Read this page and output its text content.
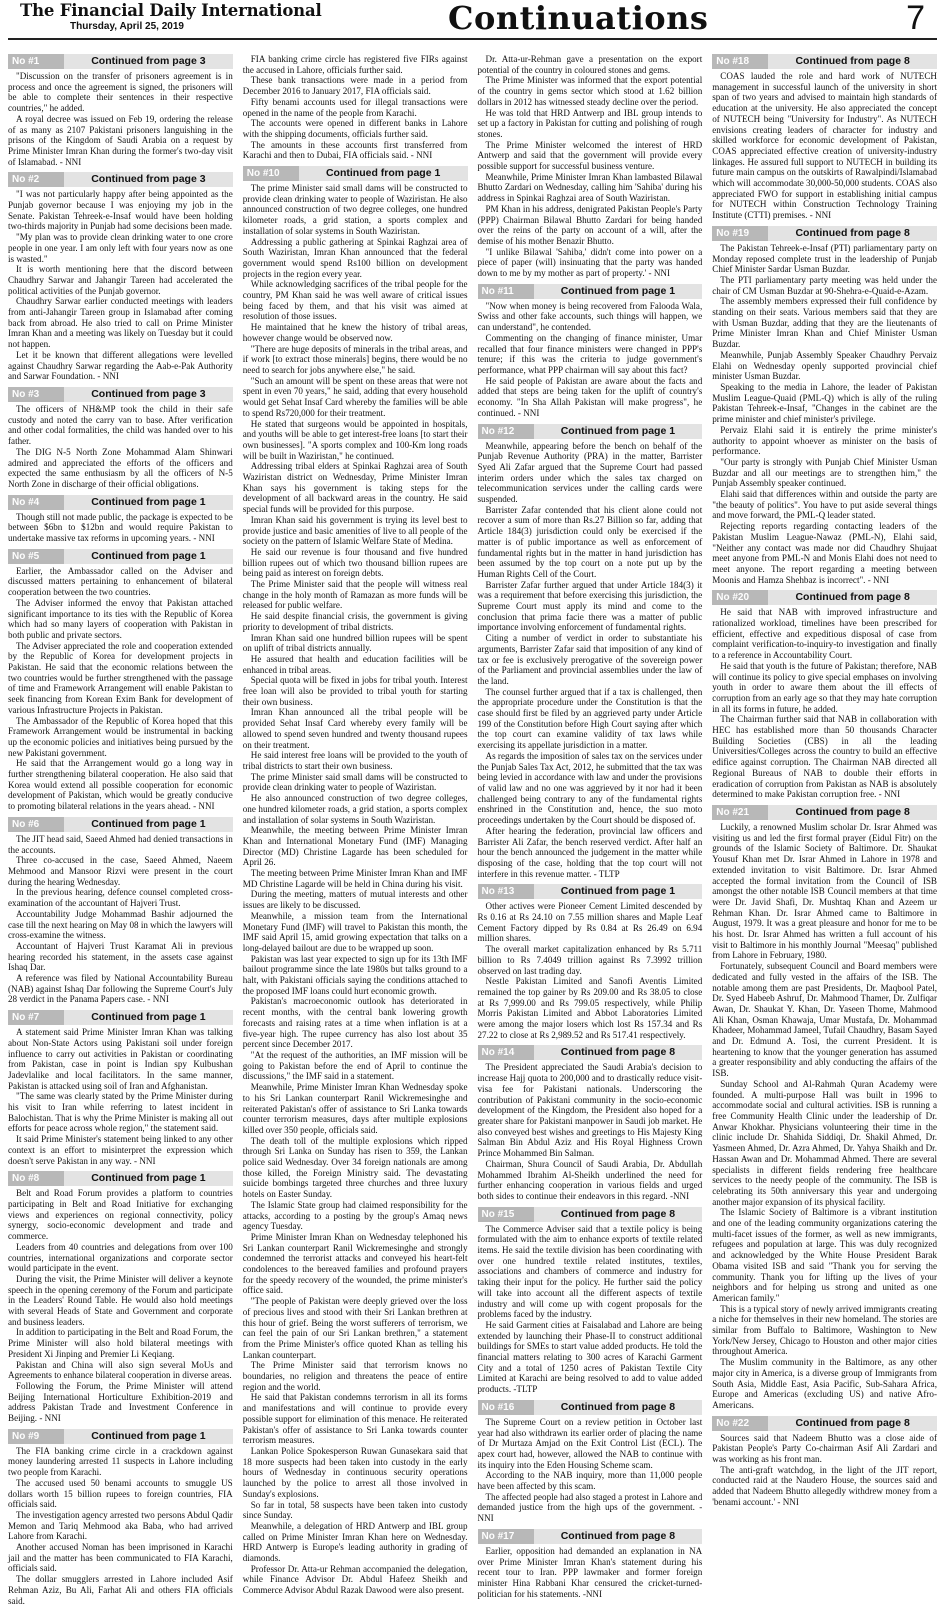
The Financial Daily International
Thursday, April 25, 2019	Continuations	7
No #1	Continued from page 3

"Discussion on the transfer of prisoners agreement is in process and once the agreement is signed, the prisoners will be able to complete their sentences in their respective countries," he added.

A royal decree was issued on Feb 19, ordering the release of as many as 2107 Pakistani prisoners languishing in the prisons of the Kingdom of Saudi Arabia on a request by Prime Minister Imran Khan during the former's two-day visit of Islamabad. - NNI

No #2	Continued from page 3

"I was not particularly happy after being appointed as the Punjab governor because I was enjoying my job in the Senate. Pakistan Tehreek-e-Insaf would have been holding two-thirds majority in Punjab had some decisions been made.

"My plan was to provide clean drinking water to one crore people in one year. I am only left with four years now as one is wasted."

It is worth mentioning here that the discord between Chaudhry Sarwar and Jahangir Tareen had accelerated the political activities of the Punjab governor.

Chaudhry Sarwar earlier conducted meetings with leaders from anti-Jahangir Tareen group in Islamabad after coming back from abroad. He also tried to call on Prime Minister Imran Khan and a meeting was likely on Tuesday but it could not happen.

Let it be known that different allegations were levelled against Chaudhry Sarwar regarding the Aab-e-Pak Authority and Sarwar Foundation. - NNI

No #3	Continued from page 3

The officers of NH&MP took the child in their safe custody and noted the carry van to base. After verification and other codal formalities, the child was handed over to his father.

The DIG N-5 North Zone Mohammad Alam Shinwari admired and appreciated the efforts of the officers and expected the same enthusiasm by all the officers of N-5 North Zone in discharge of their official obligations.

No #4	Continued from page 1

Though still not made public, the package is expected to be between $6bn to $12bn and would require Pakistan to undertake massive tax reforms in upcoming years. - NNI

No #5	Continued from page 1

Earlier, the Ambassador called on the Adviser and discussed matters pertaining to enhancement of bilateral cooperation between the two countries.

The Adviser informed the envoy that Pakistan attached significant importance to its ties with the Republic of Korea which had so many layers of cooperation with Pakistan in both public and private sectors.

The Adviser appreciated the role and cooperation extended by the Republic of Korea for development projects in Pakistan. He said that the economic relations between the two countries would be further strengthened with the passage of time and Framework Arrangement will enable Pakistan to seek financing from Korean Exim Bank for development of various Infrastructure Projects in Pakistan.

The Ambassador of the Republic of Korea hoped that this Framework Arrangement would be instrumental in backing up the economic policies and initiatives being pursued by the new Pakistani government.

He said that the Arrangement would go a long way in further strengthening bilateral cooperation. He also said that Korea would extend all possible cooperation for economic development of Pakistan, which would be greatly conducive to promoting bilateral relations in the years ahead. - NNI

No #6	Continued from page 1

The JIT head said, Saeed Ahmed had denied transactions in the accounts.

Three co-accused in the case, Saeed Ahmed, Naeem Mehmood and Mansoor Rizvi were present in the court during the hearing Wednesday.

In the previous hearing, defence counsel completed cross-examination of the accountant of Hajveri Trust.

Accountability Judge Mohammad Bashir adjourned the case till the next hearing on May 08 in which the lawyers will cross-examine the witness.

Accountant of Hajveri Trust Karamat Ali in previous hearing recorded his statement, in the assets case against Ishaq Dar.

A reference was filed by National Accountability Bureau (NAB) against Ishaq Dar following the Supreme Court's July 28 verdict in the Panama Papers case. - NNI

No #7	Continued from page 1

A statement said Prime Minister Imran Khan was talking about Non-State Actors using Pakistani soil under foreign influence to carry out activities in Pakistan or coordinating from Pakistan, case in point is Indian spy Kulbushan Jadevlalike and local facilitators. In the same manner, Pakistan is attacked using soil of Iran and Afghanistan.

"The same was clearly stated by the Prime Minister during his visit to Iran while referring to latest incident in Balochistan. That is why the Prime Minister is making all out efforts for peace across whole region," the statement said.

It said Prime Minister's statement being linked to any other context is an effort to misinterpret the expression which doesn't serve Pakistan in any way. - NNI

No #8	Continued from page 1

Belt and Road Forum provides a platform to countries participating in Belt and Road Initiative for exchanging views and experiences on regional connectivity, policy synergy, socio-economic development and trade and commerce.

Leaders from 40 countries and delegations from over 100 countries, international organizations and corporate sector would participate in the event.

During the visit, the Prime Minister will deliver a keynote speech in the opening ceremony of the Forum and participate in the Leaders' Round Table. He would also hold meetings with several Heads of State and Government and corporate and business leaders.

In addition to participating in the Belt and Road Forum, the Prime Minister will also hold bilateral meetings with President Xi Jinping and Premier Li Keqiang.

Pakistan and China will also sign several MoUs and Agreements to enhance bilateral cooperation in diverse areas.

Following the Forum, the Prime Minister will attend Beijing International Horticulture Exhibition-2019 and address Pakistan Trade and Investment Conference in Beijing. - NNI

No #9	Continued from page 1

The FIA banking crime circle in a crackdown against money laundering arrested 11 suspects in Lahore including two people from Karachi.

The accused used 50 benami accounts to smuggle US dollars worth 15 billion rupees to foreign countries, FIA officials said.

The investigation agency arrested two persons Abdul Qadir Memon and Tariq Mehmood aka Baba, who had arrived Lahore from Karachi.

Another accused Noman has been imprisoned in Karachi jail and the matter has been communicated to FIA Karachi, officials said.

The dollar smugglers arrested in Lahore included Asif Rehman Aziz, Bu Ali, Farhat Ali and others FIA officials said.

FIA banking crime circle has registered five FIRs against the accused in Lahore, officials further said.

These bank transactions were made in a period from December 2016 to January 2017, FIA officials said.

Fifty benami accounts used for illegal transactions were opened in the name of the people from Karachi.

The accounts were opened in different banks in Lahore with the shipping documents, officials further said.

The amounts in these accounts first transferred from Karachi and then to Dubai, FIA officials said. - NNI

No #10	Continued from page 1

The prime Minister said small dams will be constructed to provide clean drinking water to people of Waziristan. He also announced construction of two degree colleges, one hundred kilometer roads, a grid station, a sports complex and installation of solar systems in South Waziristan.

Addressing a public gathering at Spinkai Raghzai area of South Waziristan, Imran Khan announced that the federal government would spend Rs100 billion on development projects in the region every year.

While acknowledging sacrifices of the tribal people for the country, PM Khan said he was well aware of critical issues being faced by them, and that his visit was aimed at resolution of those issues.

He maintained that he knew the history of tribal areas, however change would be observed now.

"There are huge deposits of minerals in the tribal areas, and if work [to extract those minerals] begins, there would be no need to search for jobs anywhere else," he said.

"Such an amount will be spent on these areas that were not spent in even 70 years," he said, adding that every household would get Sehat Insaf Card whereby the families will be able to spend Rs720,000 for their treatment.

He stated that surgeons would be appointed in hospitals, and youths will be able to get interest-free loans [to start their own businesses]. "A sports complex and 100-Km long roads will be built in Waziristan," he continued.

Addressing tribal elders at Spinkai Raghzai area of South Waziristan district on Wednesday, Prime Minister Imran Khan says his government is taking steps for the development of all backward areas in the country. He said special funds will be provided for this purpose.

Imran Khan said his government is trying its level best to provide justice and basic amenities of live to all people of the society on the pattern of Islamic Welfare State of Medina.

He said our revenue is four thousand and five hundred billion rupees out of which two thousand billion rupees are being paid as interest on foreign debts.

The Prime Minister said that the people will witness real change in the holy month of Ramazan as more funds will be released for public welfare.

He said despite financial crisis, the government is giving priority to development of tribal districts.

Imran Khan said one hundred billion rupees will be spent on uplift of tribal districts annually.

He assured that health and education facilities will be enhanced in tribal areas.

Special quota will be fixed in jobs for tribal youth. Interest free loan will also be provided to tribal youth for starting their own business.

Imran Khan announced all the tribal people will be provided Sehat Insaf Card whereby every family will be allowed to spend seven hundred and twenty thousand rupees on their treatment.

He said interest free loans will be provided to the youth of tribal districts to start their own business.

The prime Minister said small dams will be constructed to provide clean drinking water to people of Waziristan.

He also announced construction of two degree colleges, one hundred kilometer roads, a grid station, a sports complex and installation of solar systems in South Waziristan.

Meanwhile, the meeting between Prime Minister Imran Khan and International Monetary Fund (IMF) Managing Director (MD) Christine Lagarde has been scheduled for April 26.

The meeting between Prime Minister Imran Khan and IMF MD Christine Lagarde will be held in China during his visit.

During the meeting, matters of mutual interests and other issues are likely to be discussed.

Meanwhile, a mission team from the International Monetary Fund (IMF) will travel to Pakistan this month, the IMF said April 15, amid growing expectation that talks on a long-delayed bailout are due to be wrapped up soon.

Pakistan was last year expected to sign up for its 13th IMF bailout programme since the late 1980s but talks ground to a halt, with Pakistani officials saying the conditions attached to the proposed IMF loans could hurt economic growth.

Pakistan's macroeconomic outlook has deteriorated in recent months, with the central bank lowering growth forecasts and raising rates at a time when inflation is at a five-year high. The rupee currency has also lost about 35 percent since December 2017.

"At the request of the authorities, an IMF mission will be going to Pakistan before the end of April to continue the discussions," the IMF said in a statement.

Meanwhile, Prime Minister Imran Khan Wednesday spoke to his Sri Lankan counterpart Ranil Wickremesinghe and reiterated Pakistan's offer of assistance to Sri Lanka towards counter terrorism measures, days after multiple explosions killed over 350 people, officials said.

The death toll of the multiple explosions which ripped through Sri Lanka on Sunday has risen to 359, the Lankan police said Wednesday. Over 34 foreign nationals are among those killed, the Foreign Ministry said. The devastating suicide bombings targeted three churches and three luxury hotels on Easter Sunday.

The Islamic State group had claimed responsibility for the attacks, according to a posting by the group's Amaq news agency Tuesday.

Prime Minister Imran Khan on Wednesday telephoned his Sri Lankan counterpart Ranil Wickremesinghe and strongly condemned the terrorist attacks and conveyed his heart-felt condolences to the bereaved families and profound prayers for the speedy recovery of the wounded, the prime minister's office said.

"The people of Pakistan were deeply grieved over the loss of precious lives and stood with their Sri Lankan brethren at this hour of grief. Being the worst sufferers of terrorism, we can feel the pain of our Sri Lankan brethren," a statement from the Prime Minister's office quoted Khan as telling his Lankan counterpart.

The Prime Minister said that terrorism knows no boundaries, no religion and threatens the peace of entire region and the world.

He said that Pakistan condemns terrorism in all its forms and manifestations and will continue to provide every possible support for elimination of this menace. He reiterated Pakistan's offer of assistance to Sri Lanka towards counter terrorism measures.

Lankan Police Spokesperson Ruwan Gunasekara said that 18 more suspects had been taken into custody in the early hours of Wednesday in continuous security operations launched by the police to arrest all those involved in Sunday's explosions.

So far in total, 58 suspects have been taken into custody since Sunday.

Meanwhile, a delegation of HRD Antwerp and IBL group called on Prime Minister Imran Khan here on Wednesday. HRD Antwerp is Europe's leading authority in grading of diamonds.

Professor Dr. Atta-ur Rehman accompanied the delegation, while Finance Advisor Dr. Abdul Hafeez Sheikh and Commerce Advisor Abdul Razak Dawood were also present.

Dr. Atta-ur-Rehman gave a presentation on the export potential of the country in coloured stones and gems.

The Prime Minister was informed that the export potential of the country in gems sector which stood at 1.62 billion dollars in 2012 has witnessed steady decline over the period.

He was told that HRD Antwerp and IBL group intends to set up a factory in Pakistan for cutting and polishing of rough stones.

The Prime Minister welcomed the interest of HRD Antwerp and said that the government will provide every possible support for successful business venture.

Meanwhile, Prime Minister Imran Khan lambasted Bilawal Bhutto Zardari on Wednesday, calling him 'Sahiba' during his address in Spinkai Raghzai area of South Waziristan.

PM Khan in his address, denigrated Pakistan People's Party (PPP) Chairman Bilawal Bhutto Zardari for being handed over the reins of the party on account of a will, after the demise of his mother Benazir Bhutto.

"I unlike Bilawal 'Sahiba,' didn't come into power on a piece of paper (will) insinuating that the party was handed down to me by my mother as part of property.' - NNI

No #11	Continued from page 1

"Now when money is being recovered from Falooda Wala, Swiss and other fake accounts, such things will happen, we can understand", he contended.

Commenting on the changing of finance minister, Umar recalled that four finance ministers were changed in PPP's tenure; if this was the criteria to judge government's performance, what PPP chairman will say about this fact?

He said people of Pakistan are aware about the facts and added that steps are being taken for the uplift of country's economy. "In Sha Allah Pakistan will make progress", he continued. - NNI

No #12	Continued from page 1

Meanwhile, appearing before the bench on behalf of the Punjab Revenue Authority (PRA) in the matter, Barrister Syed Ali Zafar argued that the Supreme Court had passed interim orders under which the sales tax charged on telecommunication services under the calling cards were suspended.

Barrister Zafar contended that his client alone could not recover a sum of more than Rs.27 Billion so far, adding that Article 184(3) jurisdiction could only be exercised if the matter is of public importance as well as enforcement of fundamental rights but in the matter in hand jurisdiction has been assumed by the top court on a note put up by the Human Rights Cell of the Court.

Barrister Zafar further argued that under Article 184(3) it was a requirement that before exercising this jurisdiction, the Supreme Court must apply its mind and come to the conclusion that prima facie there was a matter of public importance involving enforcement of fundamental rights.

Citing a number of verdict in order to substantiate his arguments, Barrister Zafar said that imposition of any kind of tax or fee is exclusively prerogative of the sovereign power of the Parliament and provincial assemblies under the law of the land.

The counsel further argued that if a tax is challenged, then the appropriate procedure under the Constitution is that the case should first be filed by an aggrieved party under Article 199 of the Constitution before High Court saying after which the top court can examine validity of tax laws while exercising its appellate jurisdiction in a matter.

As regards the imposition of sales tax on the services under the Punjab Sales Tax Act, 2012, he submitted that the tax was being levied in accordance with law and under the provisions of valid law and no one was aggrieved by it nor had it been challenged being contrary to any of the fundamental rights enshrined in the Constitution and, hence, the suo moto proceedings undertaken by the Court should be disposed of.

After hearing the federation, provincial law officers and Barrister Ali Zafar, the bench reserved verdict. After half an hour the bench announced the judgement in the matter while disposing of the case, holding that the top court will not interfere in this revenue matter. - TLTP

No #13	Continued from page 1

Other actives were Pioneer Cement Limited descended by Rs 0.16 at Rs 24.10 on 7.55 million shares and Maple Leaf Cement Factory dipped by Rs 0.84 at Rs 26.49 on 6.94 million shares.

The overall market capitalization enhanced by Rs 5.711 billion to Rs 7.4049 trillion against Rs 7.3992 trillion observed on last trading day.

Nestle Pakistan Limited and Sanofi Aventis Limited remained the top gainer by Rs 209.00 and Rs 38.05 to close at Rs 7,999.00 and Rs 799.05 respectively, while Philip Morris Pakistan Limited and Abbot Laboratories Limited were among the major losers which lost Rs 157.34 and Rs 27.22 to close at Rs 2,989.52 and Rs 517.41 respectively.

No #14	Continued from page 8

The President appreciated the Saudi Arabia's decision to increase Hajj quota to 200,000 and to drastically reduce visit-visa fee for Pakistani nationals. Underscoring the contribution of Pakistani community in the socio-economic development of the Kingdom, the President also hoped for a greater share for Pakistani manpower in Saudi job market. He also conveyed best wishes and greetings to His Majesty King Salman Bin Abdul Aziz and His Royal Highness Crown Prince Mohammed Bin Salman.

Chairman, Shura Council of Saudi Arabia, Dr. Abdullah Mohammed Ibrahim Al-Sheikh underlined the need for further enhancing cooperation in various fields and urged both sides to continue their endeavors in this regard. -NNI

No #15	Continued from page 8

The Commerce Adviser said that a textile policy is being formulated with the aim to enhance exports of textile related items. He said the textile division has been coordinating with over one hundred textile related institutes, textiles, associations and chambers of commerce and industry for taking their input for the policy. He further said the policy will take into account all the different aspects of textile industry and will come up with cogent proposals for the problems faced by the industry.

He said Garment cities at Faisalabad and Lahore are being extended by launching their Phase-II to construct additional buildings for SMEs to start value added products. He told the financial matters relating to 300 acres of Karachi Garment City and a total of 1250 acres of Pakistan Textile City Limited at Karachi are being resolved to add to value added products. -TLTP

No #16	Continued from page 8

The Supreme Court on a review petition in October last year had also withdrawn its earlier order of placing the name of Dr Murtaza Amjad on the Exit Control List (ECL). The apex court had, however, allowed the NAB to continue with its inquiry into the Eden Housing Scheme scam.

According to the NAB inquiry, more than 11,000 people have been affected by this scam.

The affected people had also staged a protest in Lahore and demanded justice from the high ups of the government. - NNI

No #17	Continued from page 8

Earlier, opposition had demanded an explanation in NA over Prime Minister Imran Khan's statement during his recent tour to Iran. PPP lawmaker and former foreign minister Hina Rabbani Khar censured the cricket-turned-politician for his statements. -NNI

No #18	Continued from page 8

COAS lauded the role and hard work of NUTECH management in successful launch of the university in short span of two years and advised to maintain high standards of education at the university. He also appreciated the concept of NUTECH being "University for Industry". As NUTECH envisions creating leaders of character for industry and skilled workforce for economic development of Pakistan, COAS appreciated effective creation of university-industry linkages. He assured full support to NUTECH in building its future main campus on the outskirts of Rawalpindi/Islamabad which will accommodate 30,000-50,000 students. COAS also appreciated FWO for support in establishing initial campus for NUTECH within Construction Technology Training Institute (CTTI) premises. - NNI

No #19	Continued from page 8

The Pakistan Tehreek-e-Insaf (PTI) parliamentary party on Monday reposed complete trust in the leadership of Punjab Chief Minister Sardar Usman Buzdar.

The PTI parliamentary party meeting was held under the chair of CM Usman Buzdar at 90-Shehra-e-Quaid-e-Azam.

The assembly members expressed their full confidence by standing on their seats. Various members said that they are with Usman Buzdar, adding that they are the lieutenants of Prime Minister Imran Khan and Chief Minister Usman Buzdar.

Meanwhile, Punjab Assembly Speaker Chaudhry Pervaiz Elahi on Wednesday openly supported provincial chief minister Usman Buzdar.

Speaking to the media in Lahore, the leader of Pakistan Muslim League-Quaid (PML-Q) which is ally of the ruling Pakistan Tehreek-e-Insaf, "Changes in the cabinet are the prime minister and chief minister's privilege.

Pervaiz Elahi said it is entirely the prime minister's authority to appoint whoever as minister on the basis of performance.

"Our party is strongly with Punjab Chief Minister Usman Buzdar and all our meetings are to strengthen him," the Punjab Assembly speaker continued.

Elahi said that differences within and outside the party are "the beauty of politics". You have to put aside several things and move forward, the PML-Q leader stated.

Rejecting reports regarding contacting leaders of the Pakistan Muslim League-Nawaz (PML-N), Elahi said, "Neither any contact was made nor did Chaudhry Shujaat meet anyone from PML-N and Monis Elahi does not need to meet anyone. The report regarding a meeting between Moonis and Hamza Shehbaz is incorrect". - NNI

No #20	Continued from page 8

He said that NAB with improved infrastructure and rationalized workload, timelines have been prescribed for efficient, effective and expeditious disposal of case from complaint verification-to-inquiry-to investigation and finally to a reference in Accountability Court.

He said that youth is the future of Pakistan; therefore, NAB will continue its policy to give special emphases on involving youth in order to aware them about the ill effects of corruption from an early age so that they may hate corruption in all its forms in future, he added.

The Chairman further said that NAB in collaboration with HEC has established more than 50 thousands Character Building Societies (CBS) in all the leading Universities/Colleges across the country to build an effective edifice against corruption. The Chairman NAB directed all Regional Bureaus of NAB to double their efforts in eradication of corruption from Pakistan as NAB is absolutely determined to make Pakistan corruption free. - NNI

No #21	Continued from page 8

Luckily, a renowned Muslim scholar Dr. Israr Ahmed was visiting us and led the first formal prayer (Eidul Fitr) on the grounds of the Islamic Society of Baltimore. Dr. Shaukat Yousuf Khan met Dr. Israr Ahmed in Lahore in 1978 and extended invitation to visit Baltimore. Dr. Israr Ahmed accepted the formal invitation from the Council of ISB amongst the other notable ISB Council members at that time were Dr. Javid Shafi, Dr. Mushtaq Khan and Azeem ur Rehman Khan. Dr. Israr Ahmed came to Baltimore in August, 1979. It was a great pleasure and honor for me to be his host. Dr. Israr Ahmed has written a full account of his visit to Baltimore in his monthly Journal "Meesaq" published from Lahore in February, 1980.

Fortunately, subsequent Council and Board members were dedicated and fully vested in the affairs of the ISB. The notable among them are past Presidents, Dr. Maqbool Patel, Dr. Syed Habeeb Ashruf, Dr. Mahmood Thamer, Dr. Zulfiqar Awan, Dr. Shaukat Y. Khan, Dr. Yaseen Thome, Mahmood Ali Khan, Osman Khawaja, Umar Mustafa, Dr. Mohammad Khadeer, Mohammad Jameel, Tufail Chaudhry, Basam Sayed and Dr. Edmund A. Tosi, the current President. It is heartening to know that the younger generation has assumed a greater responsibility and ably conducting the affairs of the ISB.

Sunday School and Al-Rahmah Quran Academy were founded. A multi-purpose Hall was built in 1996 to accommodate social and cultural activities. ISB is running a free Community Health Clinic under the leadership of Dr. Anwar Khokhar. Physicians volunteering their time in the clinic include Dr. Shahida Siddiqi, Dr. Shakil Ahmed, Dr. Yasmeen Ahmed, Dr. Azra Ahmed, Dr. Yahya Shaikh and Dr. Hassan Awan and Dr. Mohammad Ahmed. There are several specialists in different fields rendering free healthcare services to the needy people of the community. The ISB is celebrating its 50th anniversary this year and undergoing another major expansion of its physical facility.

The Islamic Society of Baltimore is a vibrant institution and one of the leading community organizations catering the multi-facet issues of the former, as well as new immigrants, refugees and population at large. This was duly recognized and acknowledged by the White House President Barak Obama visited ISB and said "Thank you for serving the community. Thank you for lifting up the lives of your neighbors and for helping us strong and united as one American family."

This is a typical story of newly arrived immigrants creating a niche for themselves in their new homeland. The stories are similar from Buffalo to Baltimore, Washington to New York/New Jersey, Chicago to Houston and other major cities throughout America.

The Muslim community in the Baltimore, as any other major city in America, is a diverse group of Immigrants from South Asia, Middle East, Asia Pacific, Sub-Sahara Africa, Europe and Americas (excluding US) and native Afro-Americans.

No #22	Continued from page 8

Sources said that Nadeem Bhutto was a close aide of Pakistan People's Party Co-chairman Asif Ali Zardari and was working as his front man.

The anti-graft watchdog, in the light of the JIT report, conducted raid at the Naudero House, the sources said and added that Nadeem Bhutto allegedly withdrew money from a 'benami account.' - NNI
